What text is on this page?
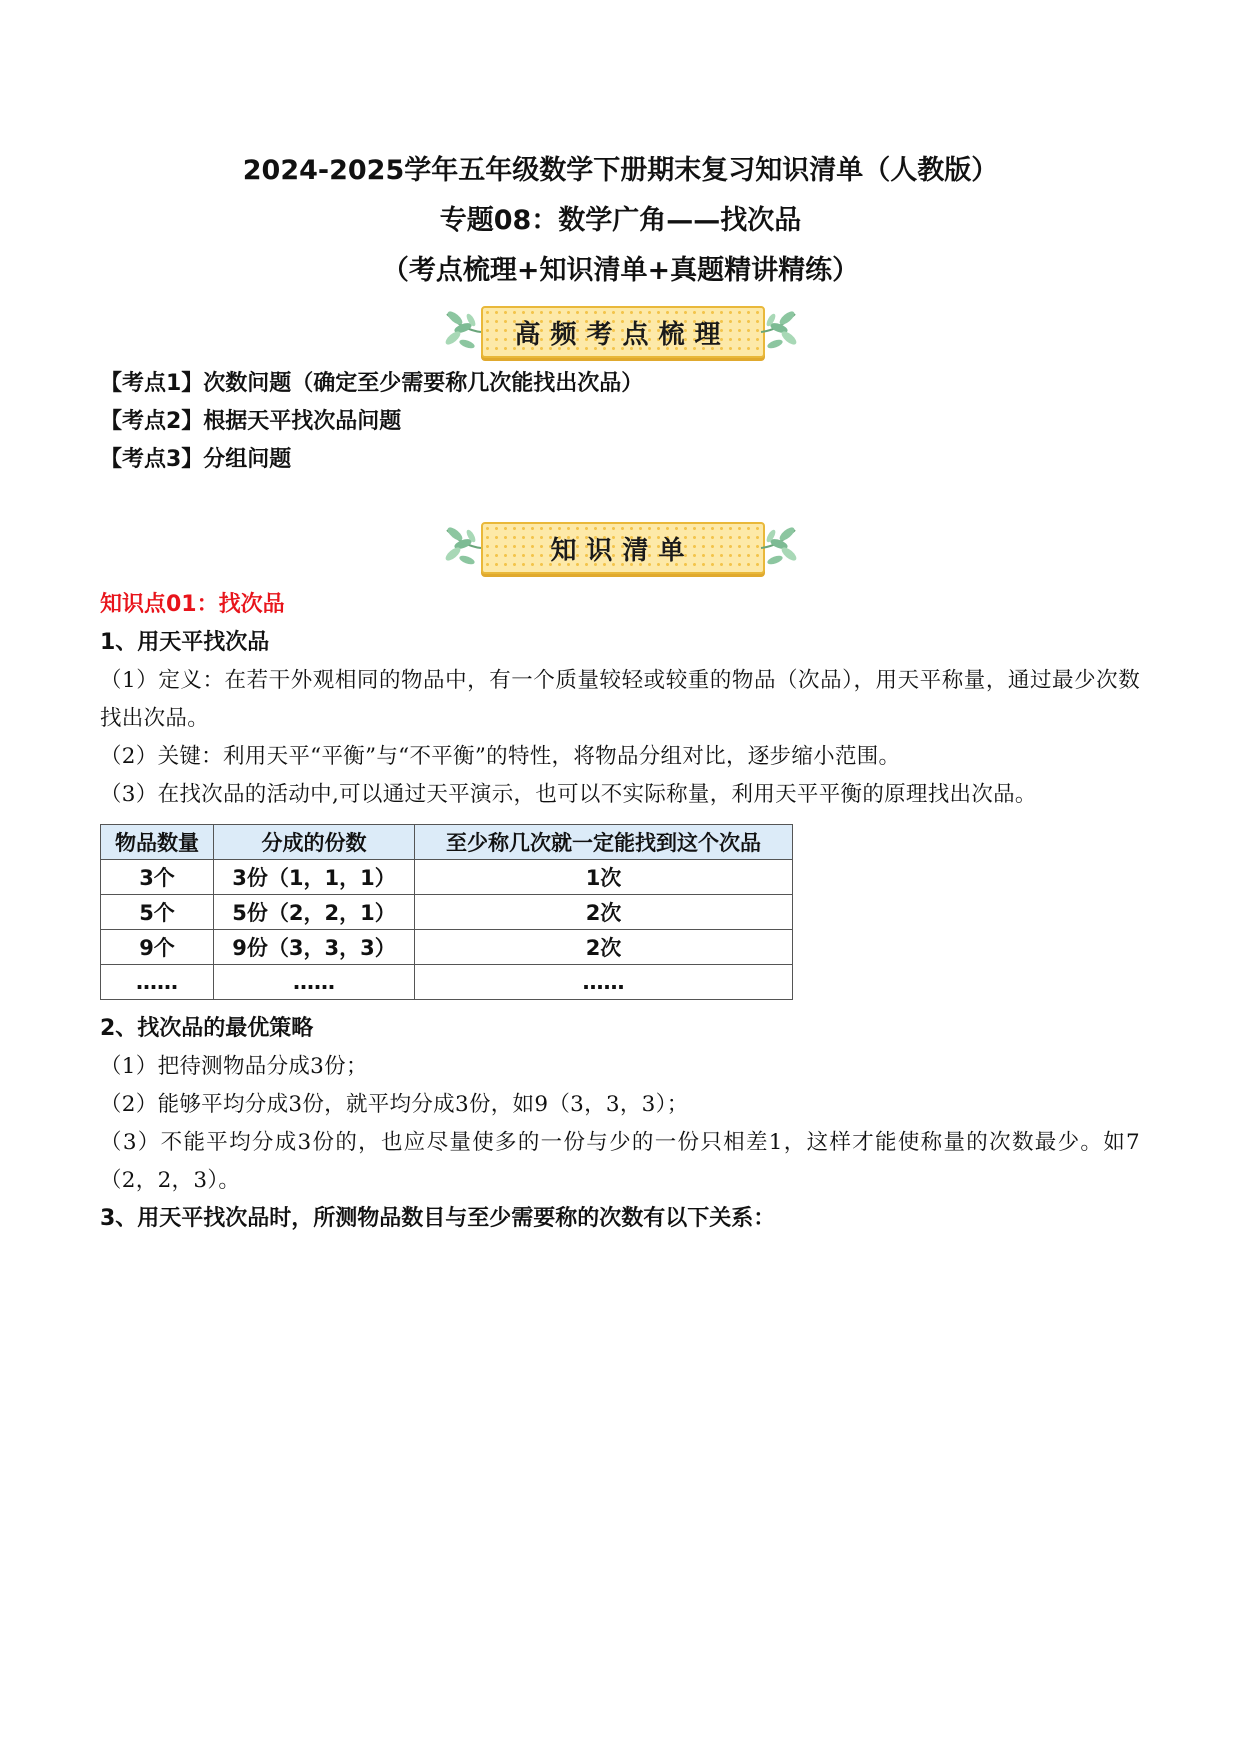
2024-2025学年五年级数学下册期末复习知识清单（人教版）
专题08：数学广角——找次品
（考点梳理+知识清单+真题精讲精练）
高频考点梳理
【考点1】次数问题（确定至少需要称几次能找出次品）
【考点2】根据天平找次品问题
【考点3】分组问题
知识清单
知识点01：找次品
1、用天平找次品
（1）定义：在若干外观相同的物品中，有一个质量较轻或较重的物品（次品），用天平称量，通过最少次数找出次品。
（2）关键：利用天平“平衡”与“不平衡”的特性，将物品分组对比，逐步缩小范围。
（3）在找次品的活动中,可以通过天平演示，也可以不实际称量，利用天平平衡的原理找出次品。
物品数量	分成的份数	至少称几次就一定能找到这个次品
3个	3份（1，1，1）	1次
5个	5份（2，2，1）	2次
9个	9份（3，3，3）	2次
……	……	……
2、找次品的最优策略
（1）把待测物品分成3份；
（2）能够平均分成3份，就平均分成3份，如9（3，3，3）；
（3）不能平均分成3份的，也应尽量使多的一份与少的一份只相差1，这样才能使称量的次数最少。如7（2，2，3）。
3、用天平找次品时，所测物品数目与至少需要称的次数有以下关系：
